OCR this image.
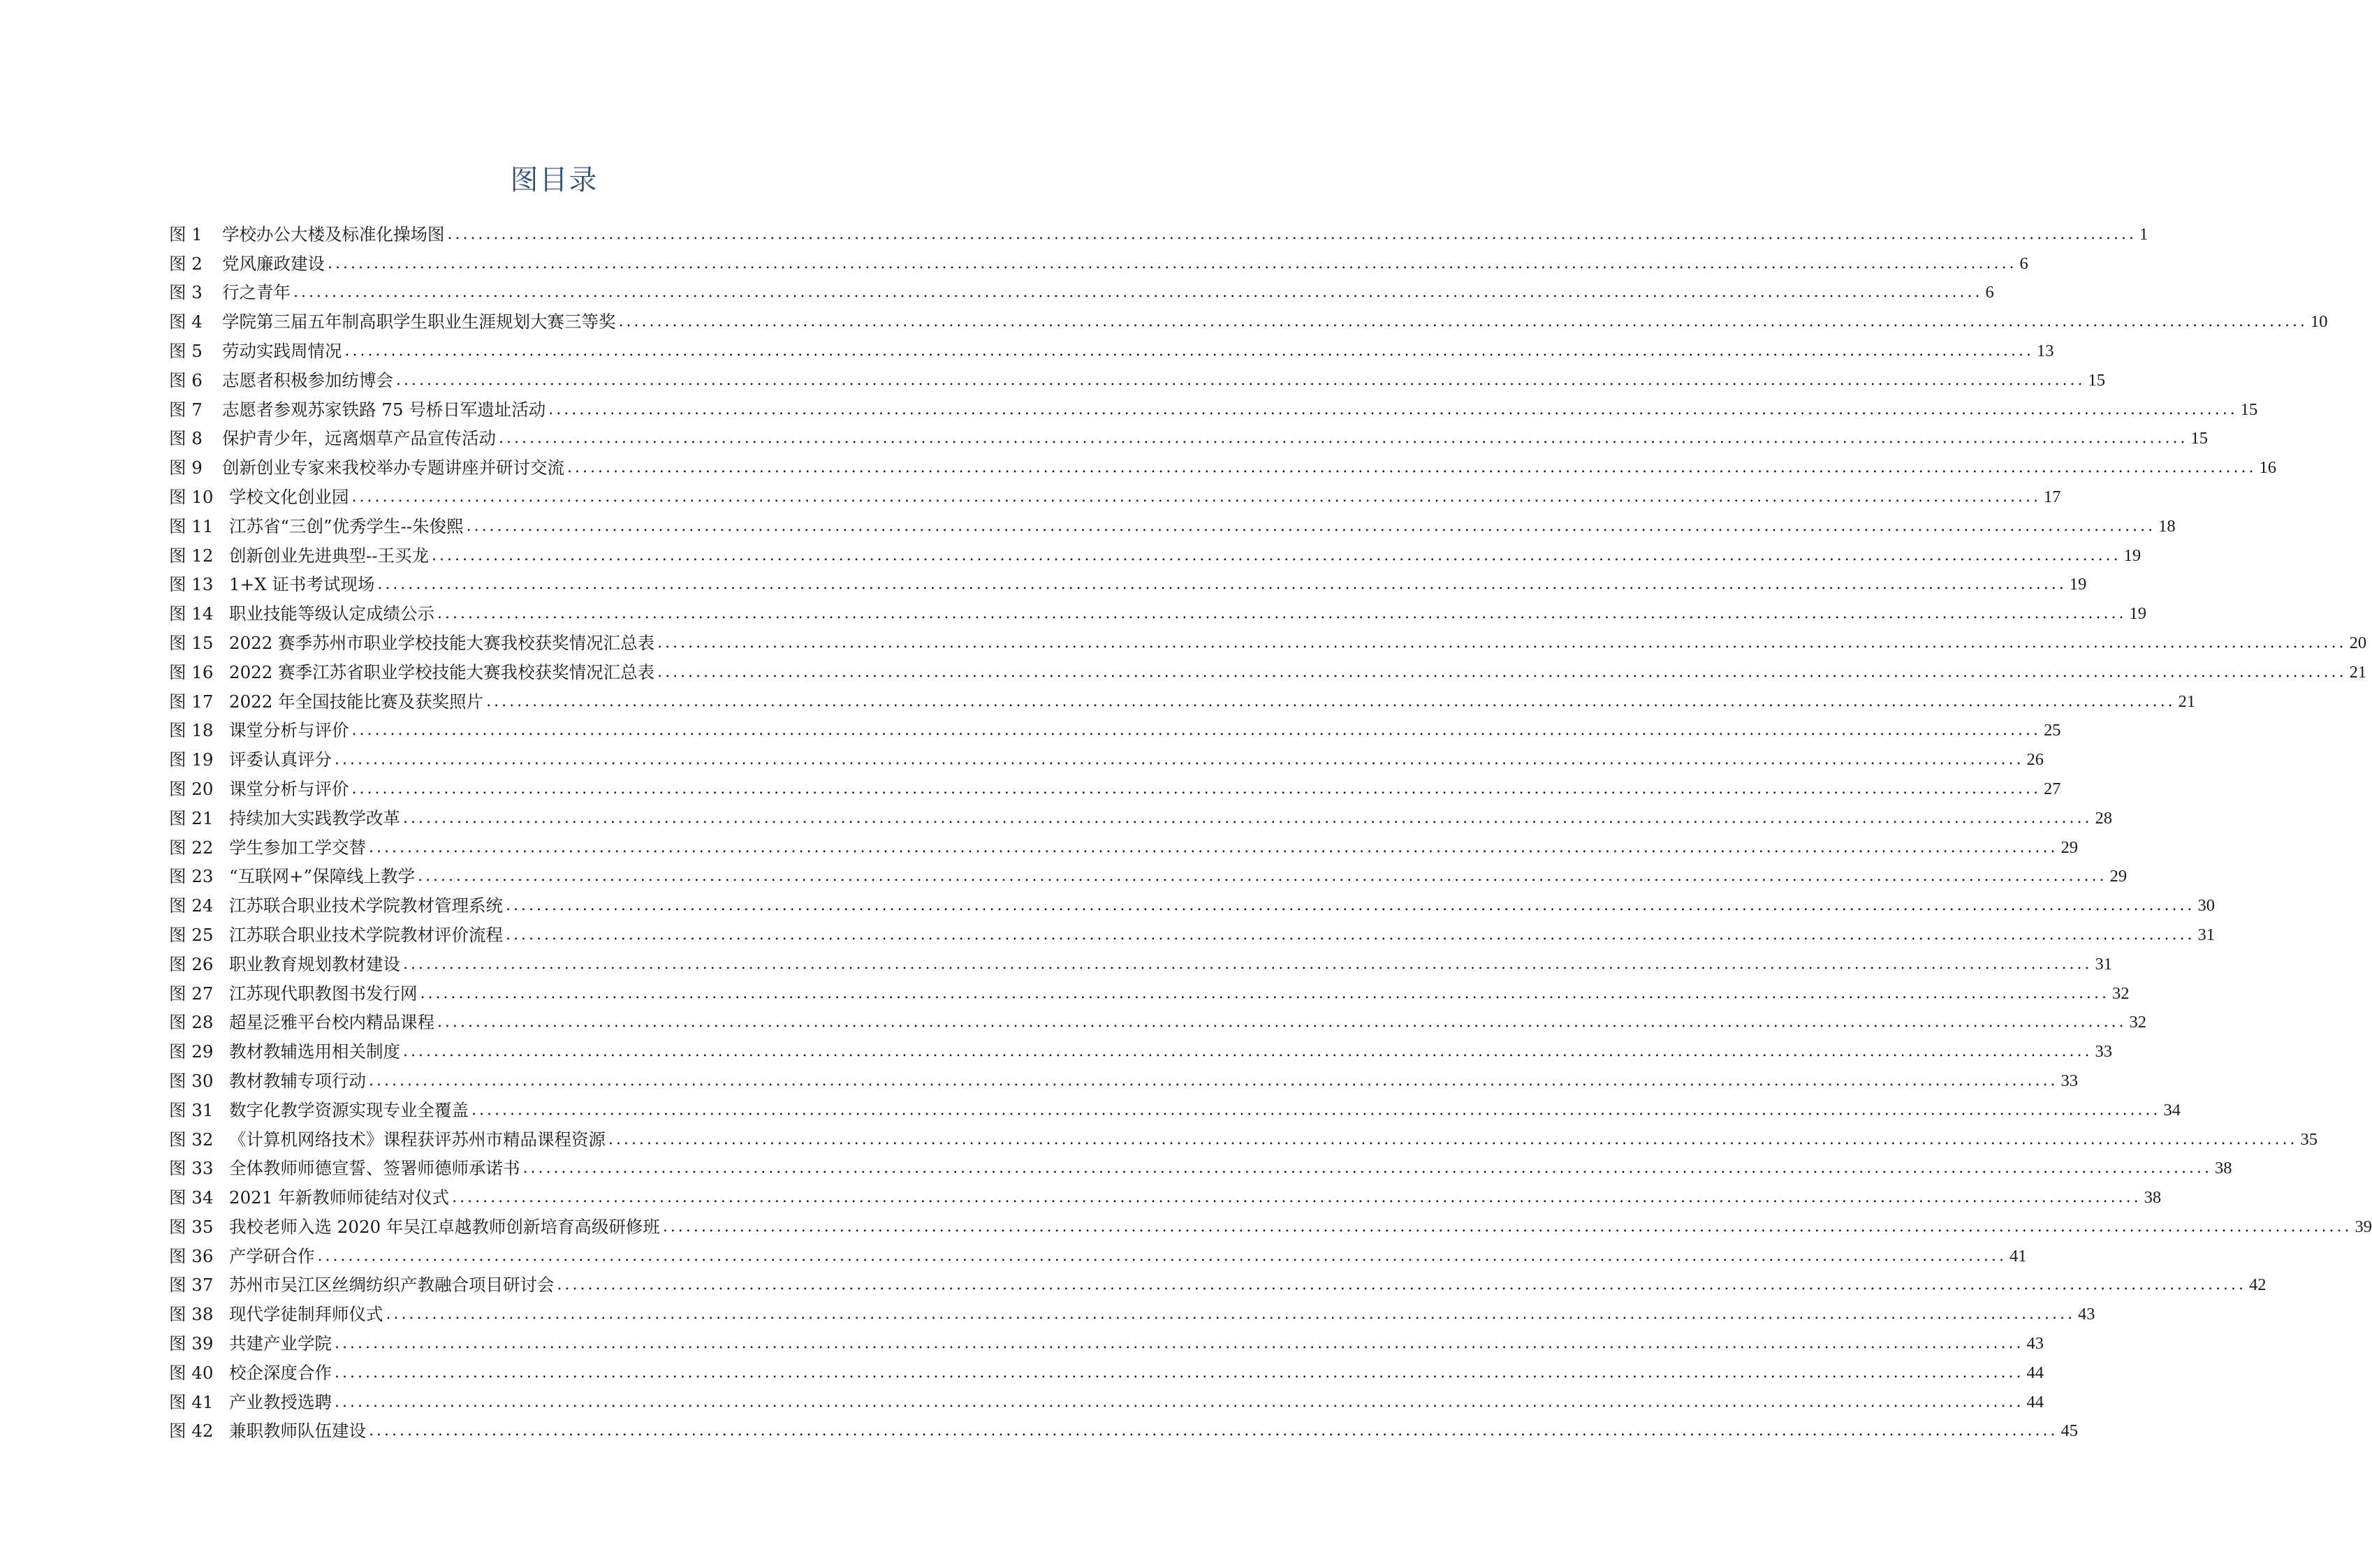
图目录
图 1	学校办公大楼及标准化操场图 ............................................................................................................................................................................................................................ 1
图 2	党风廉政建设 ............................................................................................................................................................................................................................ 6
图 3	行之青年 ............................................................................................................................................................................................................................ 6
图 4	学院第三届五年制高职学生职业生涯规划大赛三等奖 ............................................................................................................................................................................................................................ 10
图 5	劳动实践周情况 ............................................................................................................................................................................................................................ 13
图 6	志愿者积极参加纺博会 ............................................................................................................................................................................................................................ 15
图 7	志愿者参观苏家铁路 75 号桥日军遗址活动 ............................................................................................................................................................................................................................ 15
图 8	保护青少年，远离烟草产品宣传活动 ............................................................................................................................................................................................................................ 15
图 9	创新创业专家来我校举办专题讲座并研讨交流 ............................................................................................................................................................................................................................ 16
图 10 学校文化创业园 ............................................................................................................................................................................................................................ 17
图 11 江苏省“三创”优秀学生--朱俊熙 ............................................................................................................................................................................................................................ 18
图 12 创新创业先进典型--王买龙 ............................................................................................................................................................................................................................ 19
图 13 1+X 证书考试现场 ............................................................................................................................................................................................................................ 19
图 14 职业技能等级认定成绩公示 ............................................................................................................................................................................................................................ 19
图 15 2022 赛季苏州市职业学校技能大赛我校获奖情况汇总表 ............................................................................................................................................................................................................................ 20
图 16 2022 赛季江苏省职业学校技能大赛我校获奖情况汇总表 ............................................................................................................................................................................................................................ 21
图 17 2022 年全国技能比赛及获奖照片 ............................................................................................................................................................................................................................ 21
图 18 课堂分析与评价 ............................................................................................................................................................................................................................ 25
图 19 评委认真评分 ............................................................................................................................................................................................................................ 26
图 20 课堂分析与评价 ............................................................................................................................................................................................................................ 27
图 21 持续加大实践教学改革 ............................................................................................................................................................................................................................ 28
图 22 学生参加工学交替 ............................................................................................................................................................................................................................ 29
图 23 “互联网+”保障线上教学 ............................................................................................................................................................................................................................ 29
图 24 江苏联合职业技术学院教材管理系统 ............................................................................................................................................................................................................................ 30
图 25 江苏联合职业技术学院教材评价流程 ............................................................................................................................................................................................................................ 31
图 26 职业教育规划教材建设 ............................................................................................................................................................................................................................ 31
图 27 江苏现代职教图书发行网 ............................................................................................................................................................................................................................ 32
图 28 超星泛雅平台校内精品课程 ............................................................................................................................................................................................................................ 32
图 29 教材教辅选用相关制度 ............................................................................................................................................................................................................................ 33
图 30 教材教辅专项行动 ............................................................................................................................................................................................................................ 33
图 31 数字化教学资源实现专业全覆盖 ............................................................................................................................................................................................................................ 34
图 32 《计算机网络技术》课程获评苏州市精品课程资源 ............................................................................................................................................................................................................................ 35
图 33 全体教师师德宣誓、签署师德师承诺书 ............................................................................................................................................................................................................................ 38
图 34 2021 年新教师师徒结对仪式 ............................................................................................................................................................................................................................ 38
图 35 我校老师入选 2020 年吴江卓越教师创新培育高级研修班 ............................................................................................................................................................................................................................ 39
图 36 产学研合作 ............................................................................................................................................................................................................................ 41
图 37 苏州市吴江区丝绸纺织产教融合项目研讨会 ............................................................................................................................................................................................................................ 42
图 38 现代学徒制拜师仪式 ............................................................................................................................................................................................................................ 43
图 39 共建产业学院 ............................................................................................................................................................................................................................ 43
图 40 校企深度合作 ............................................................................................................................................................................................................................ 44
图 41 产业教授选聘 ............................................................................................................................................................................................................................ 44
图 42 兼职教师队伍建设 ............................................................................................................................................................................................................................ 45
